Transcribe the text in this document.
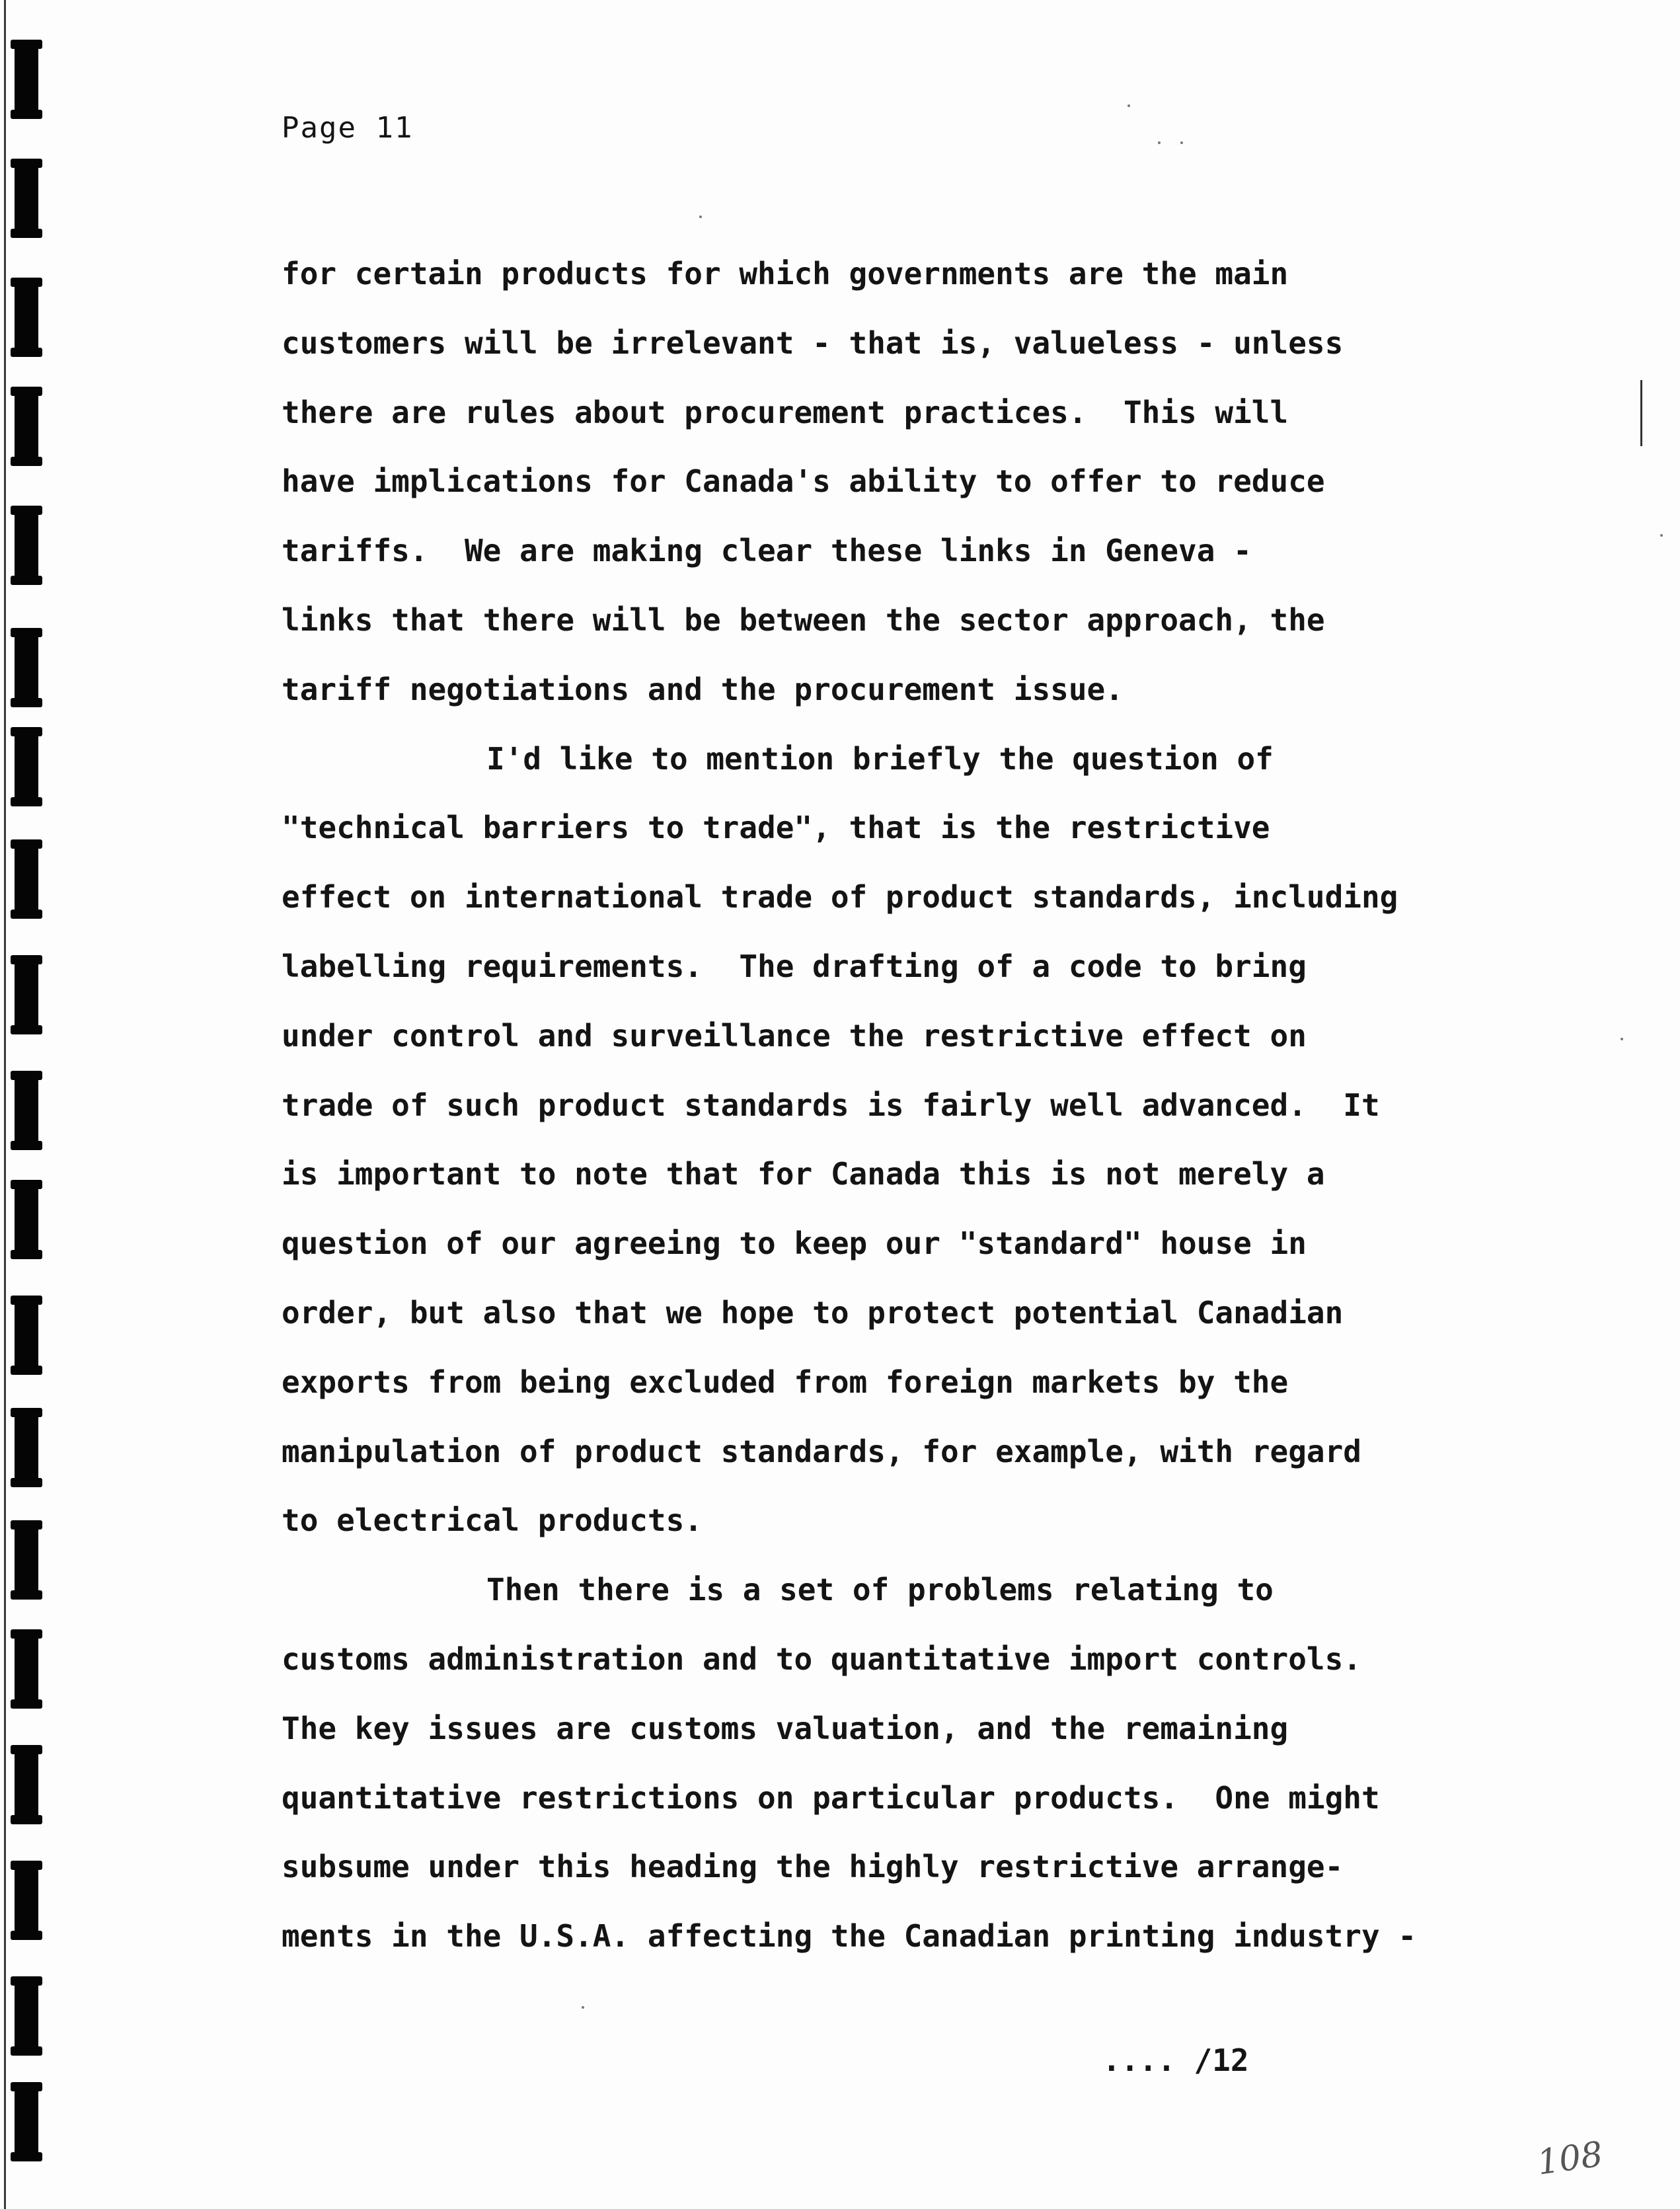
Page 11
for certain products for which governments are the main
customers will be irrelevant - that is, valueless - unless
there are rules about procurement practices.  This will
have implications for Canada's ability to offer to reduce
tariffs.  We are making clear these links in Geneva -
links that there will be between the sector approach, the
tariff negotiations and the procurement issue.
I'd like to mention briefly the question of
"technical barriers to trade", that is the restrictive
effect on international trade of product standards, including
labelling requirements.  The drafting of a code to bring
under control and surveillance the restrictive effect on
trade of such product standards is fairly well advanced.  It
is important to note that for Canada this is not merely a
question of our agreeing to keep our "standard" house in
order, but also that we hope to protect potential Canadian
exports from being excluded from foreign markets by the
manipulation of product standards, for example, with regard
to electrical products.
Then there is a set of problems relating to
customs administration and to quantitative import controls.
The key issues are customs valuation, and the remaining
quantitative restrictions on particular products.  One might
subsume under this heading the highly restrictive arrange-
ments in the U.S.A. affecting the Canadian printing industry -
.... /12
108
